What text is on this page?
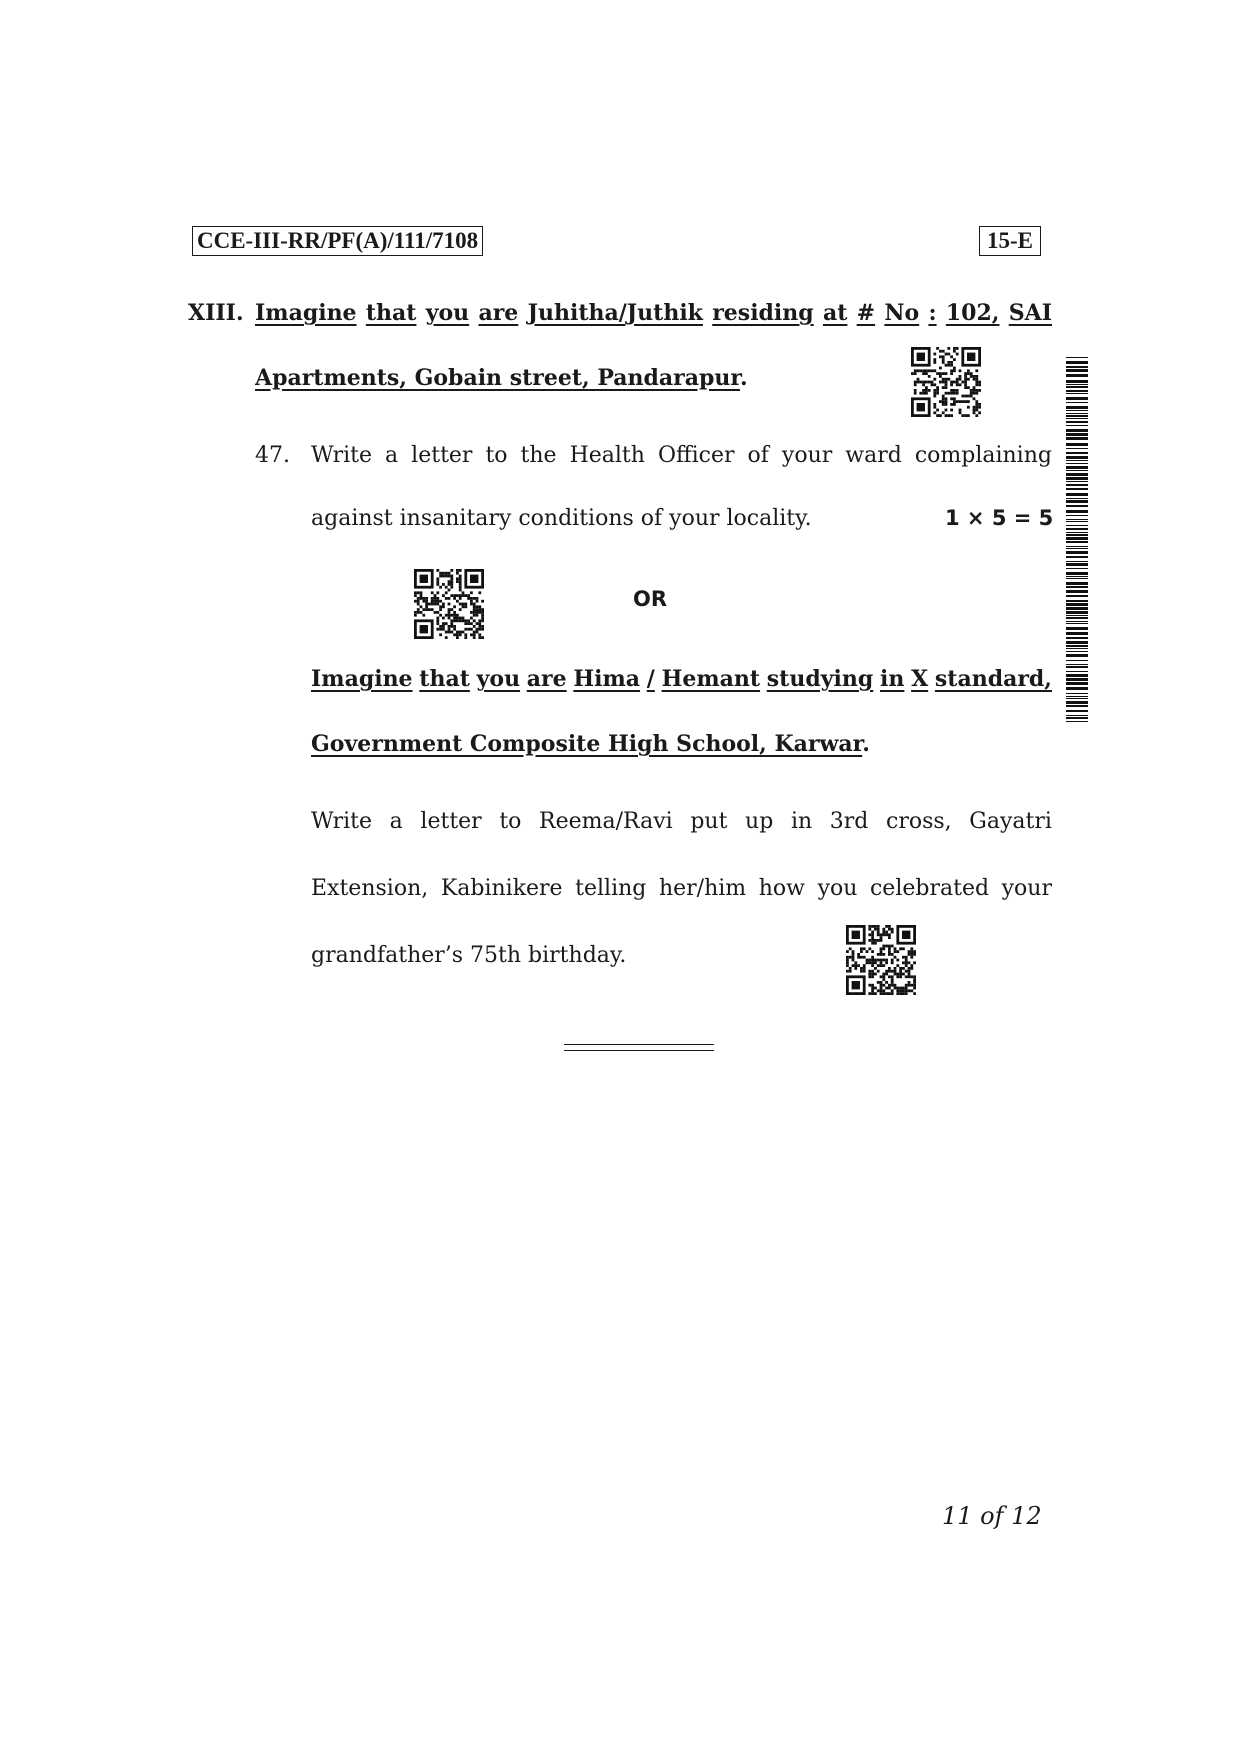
CCE-III-RR/PF(A)/111/7108	15-E
XIII. Imagine that you are Juhitha/Juthik residing at # No : 102, SAI
Apartments, Gobain street, Pandarapur.
47. Write a letter to the Health Officer of your ward complaining
against insanitary conditions of your locality.	1 × 5 = 5
OR
Imagine that you are Hima / Hemant studying in X standard,
Government Composite High School, Karwar.
Write a letter to Reema/Ravi put up in 3rd cross, Gayatri
Extension, Kabinikere telling her/him how you celebrated your
grandfather’s 75th birthday.
11 of 12
